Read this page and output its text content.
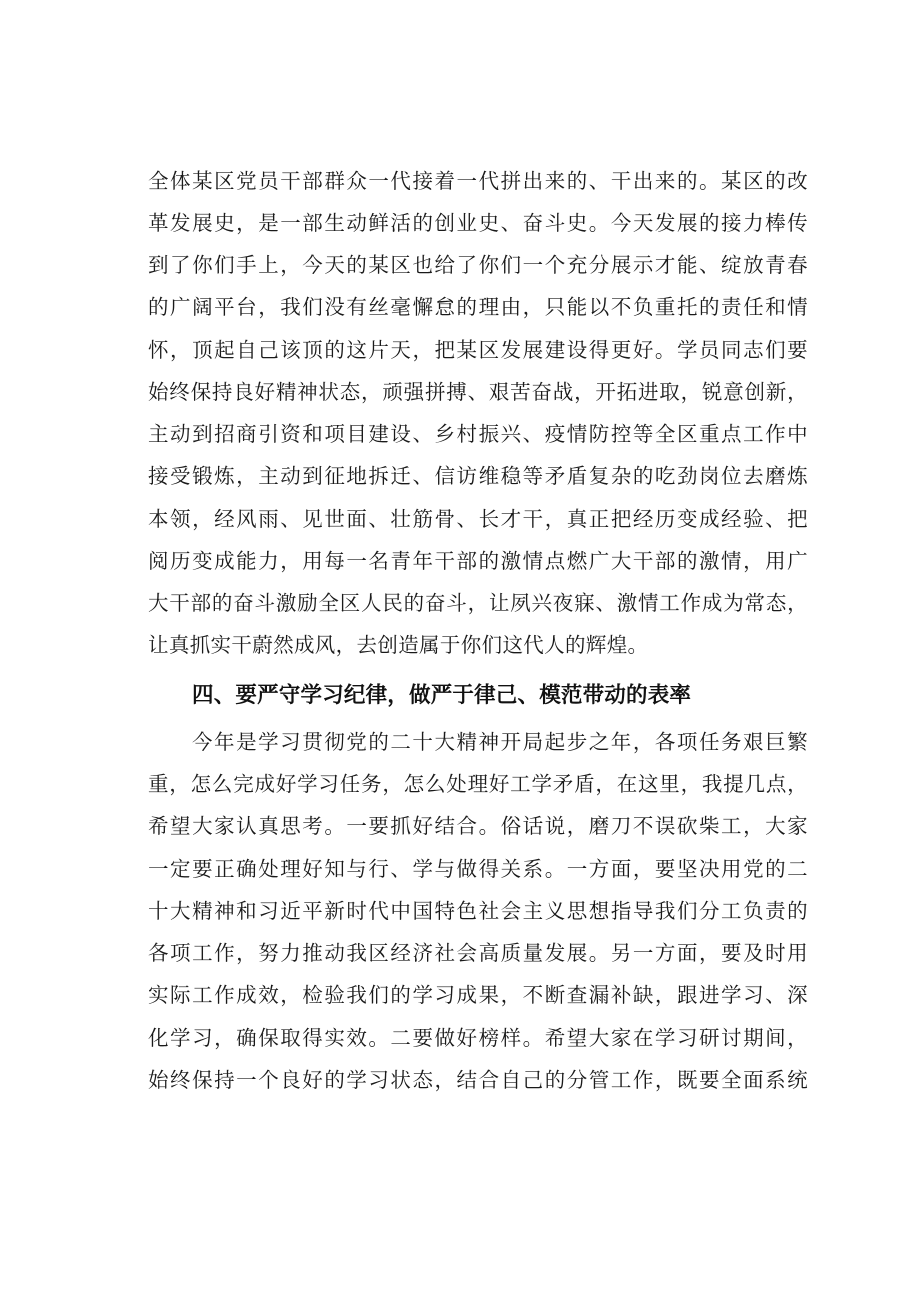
全体某区党员干部群众一代接着一代拼出来的、干出来的。某区的改
革发展史，是一部生动鲜活的创业史、奋斗史。今天发展的接力棒传
到了你们手上，今天的某区也给了你们一个充分展示才能、绽放青春
的广阔平台，我们没有丝毫懈怠的理由，只能以不负重托的责任和情
怀，顶起自己该顶的这片天，把某区发展建设得更好。学员同志们要
始终保持良好精神状态，顽强拼搏、艰苦奋战，开拓进取，锐意创新，
主动到招商引资和项目建设、乡村振兴、疫情防控等全区重点工作中
接受锻炼，主动到征地拆迁、信访维稳等矛盾复杂的吃劲岗位去磨炼
本领，经风雨、见世面、壮筋骨、长才干，真正把经历变成经验、把
阅历变成能力，用每一名青年干部的激情点燃广大干部的激情，用广
大干部的奋斗激励全区人民的奋斗，让夙兴夜寐、激情工作成为常态，
让真抓实干蔚然成风，去创造属于你们这代人的辉煌。
四、要严守学习纪律，做严于律己、模范带动的表率
今年是学习贯彻党的二十大精神开局起步之年，各项任务艰巨繁
重，怎么完成好学习任务，怎么处理好工学矛盾，在这里，我提几点，
希望大家认真思考。一要抓好结合。俗话说，磨刀不误砍柴工，大家
一定要正确处理好知与行、学与做得关系。一方面，要坚决用党的二
十大精神和习近平新时代中国特色社会主义思想指导我们分工负责的
各项工作，努力推动我区经济社会高质量发展。另一方面，要及时用
实际工作成效，检验我们的学习成果，不断查漏补缺，跟进学习、深
化学习，确保取得实效。二要做好榜样。希望大家在学习研讨期间，
始终保持一个良好的学习状态，结合自己的分管工作，既要全面系统
